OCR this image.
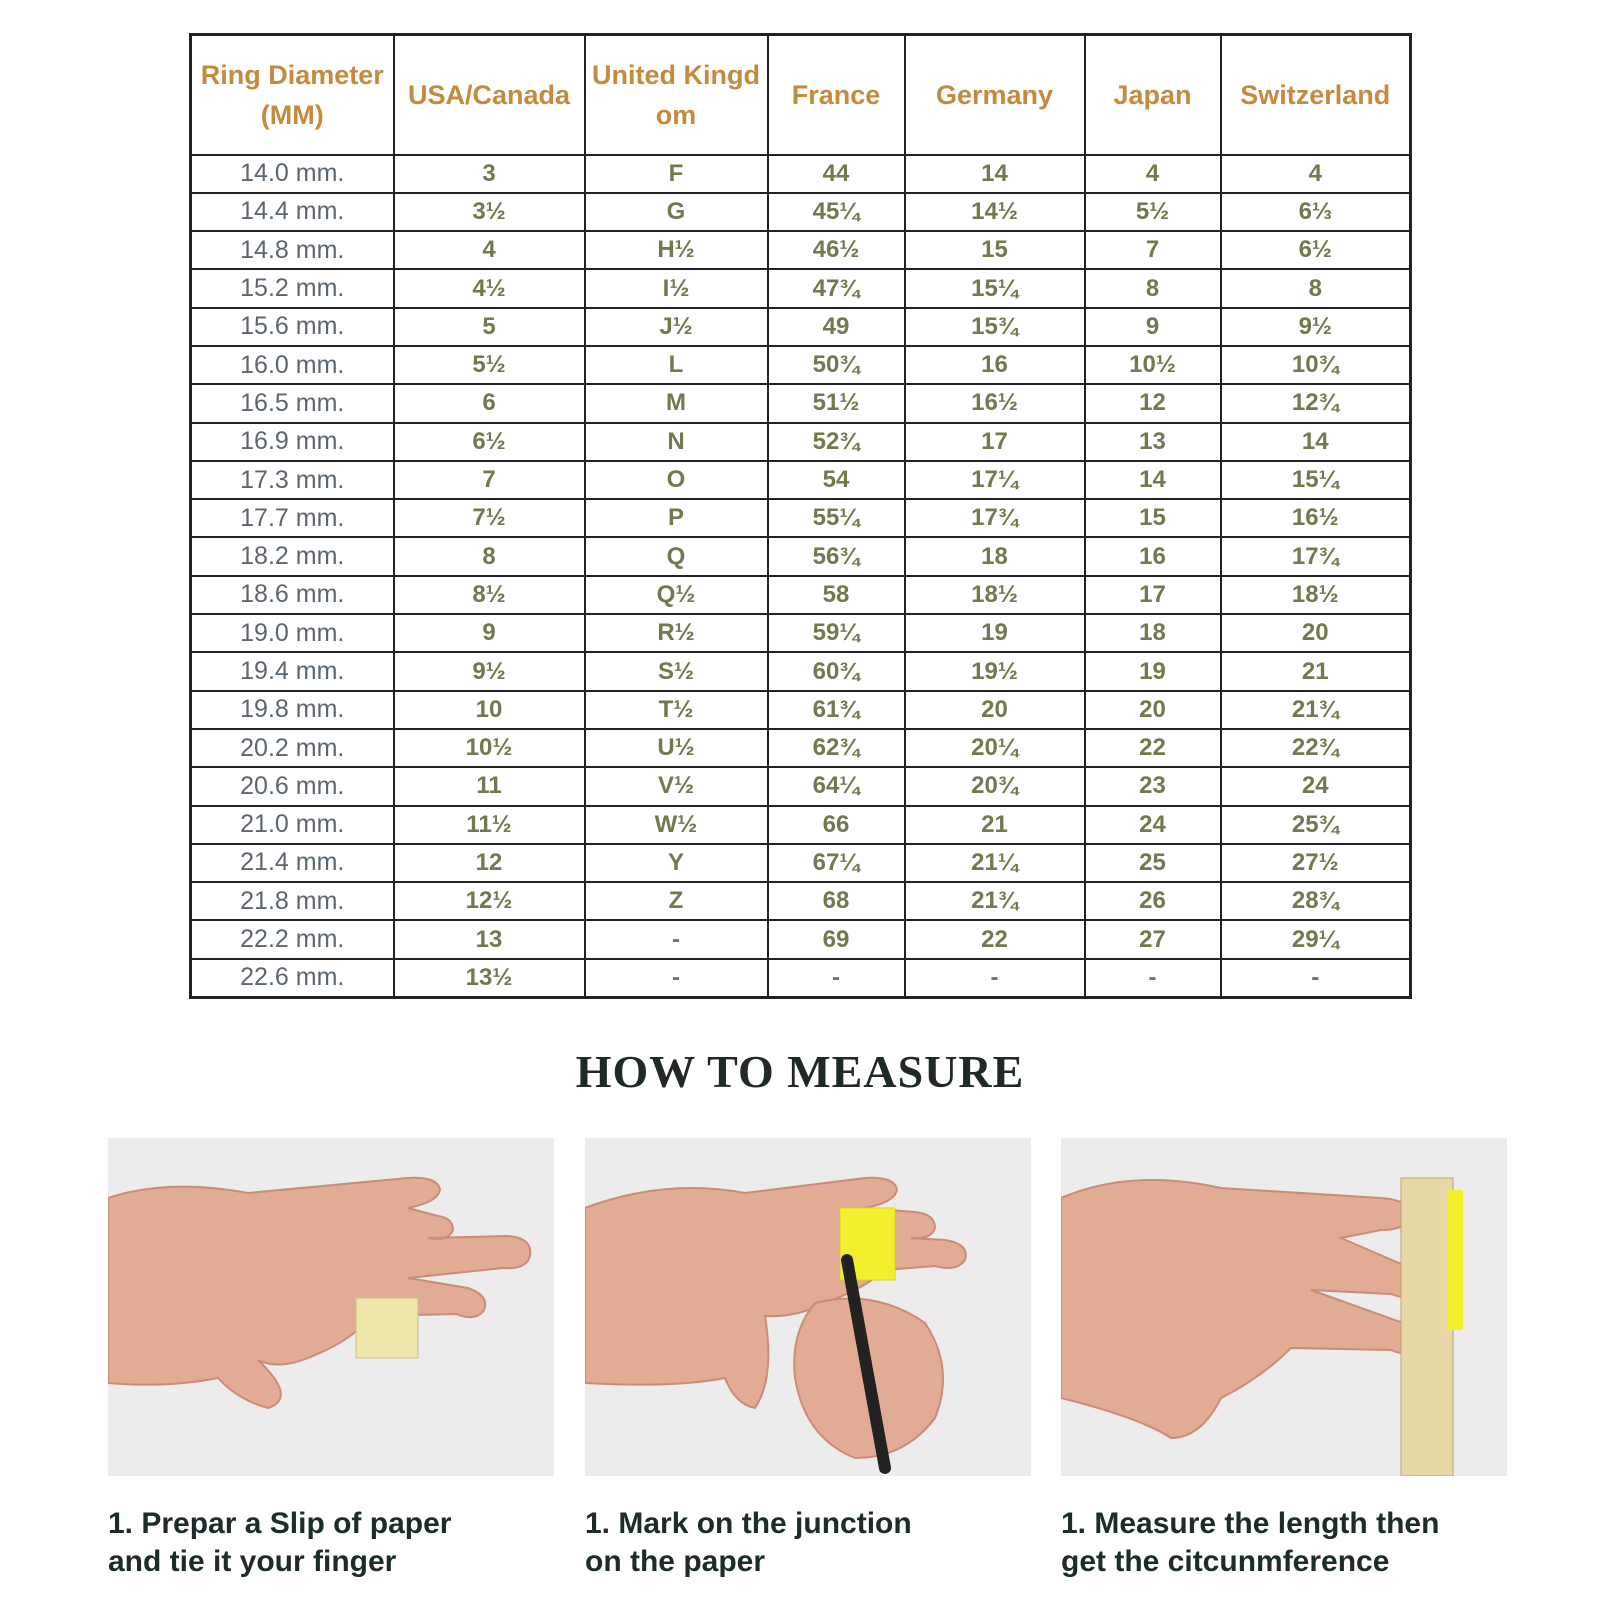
Ring Diameter (MM)	USA/Canada	United Kingdom	France	Germany	Japan	Switzerland
14.0 mm.	3	F	44	14	4	4
14.4 mm.	3½	G	45¼	14½	5½	6⅓
14.8 mm.	4	H½	46½	15	7	6½
15.2 mm.	4½	I½	47¾	15¼	8	8
15.6 mm.	5	J½	49	15¾	9	9½
16.0 mm.	5½	L	50¾	16	10½	10¾
16.5 mm.	6	M	51½	16½	12	12¾
16.9 mm.	6½	N	52¾	17	13	14
17.3 mm.	7	O	54	17¼	14	15¼
17.7 mm.	7½	P	55¼	17¾	15	16½
18.2 mm.	8	Q	56¾	18	16	17¾
18.6 mm.	8½	Q½	58	18½	17	18½
19.0 mm.	9	R½	59¼	19	18	20
19.4 mm.	9½	S½	60¾	19½	19	21
19.8 mm.	10	T½	61¾	20	20	21¾
20.2 mm.	10½	U½	62¾	20¼	22	22¾
20.6 mm.	11	V½	64¼	20¾	23	24
21.0 mm.	11½	W½	66	21	24	25¾
21.4 mm.	12	Y	67¼	21¼	25	27½
21.8 mm.	12½	Z	68	21¾	26	28¾
22.2 mm.	13	-	69	22	27	29¼
22.6 mm.	13½	-	-	-	-	-
HOW TO MEASURE

1. Prepar a Slip of paper
and tie it your finger

1. Mark on the junction
on the paper

1. Measure the length then
get the citcunmference
